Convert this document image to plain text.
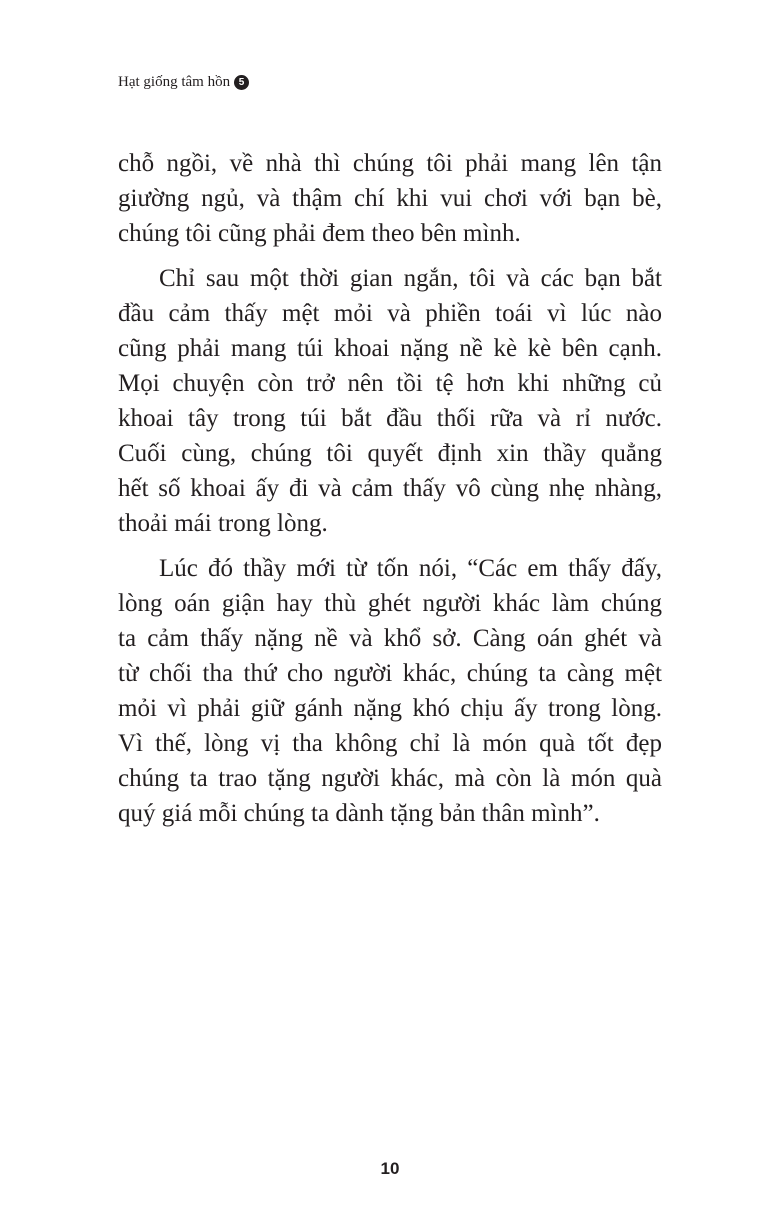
Hạt giống tâm hồn 5

chỗ ngồi, về nhà thì chúng tôi phải mang lên tận
giường ngủ, và thậm chí khi vui chơi với bạn bè,
chúng tôi cũng phải đem theo bên mình.

Chỉ sau một thời gian ngắn, tôi và các bạn bắt
đầu cảm thấy mệt mỏi và phiền toái vì lúc nào
cũng phải mang túi khoai nặng nề kè kè bên cạnh.
Mọi chuyện còn trở nên tồi tệ hơn khi những củ
khoai tây trong túi bắt đầu thối rữa và rỉ nước.
Cuối cùng, chúng tôi quyết định xin thầy quẳng
hết số khoai ấy đi và cảm thấy vô cùng nhẹ nhàng,
thoải mái trong lòng.

Lúc đó thầy mới từ tốn nói, “Các em thấy đấy,
lòng oán giận hay thù ghét người khác làm chúng
ta cảm thấy nặng nề và khổ sở. Càng oán ghét và
từ chối tha thứ cho người khác, chúng ta càng mệt
mỏi vì phải giữ gánh nặng khó chịu ấy trong lòng.
Vì thế, lòng vị tha không chỉ là món quà tốt đẹp
chúng ta trao tặng người khác, mà còn là món quà
quý giá mỗi chúng ta dành tặng bản thân mình”.

10
